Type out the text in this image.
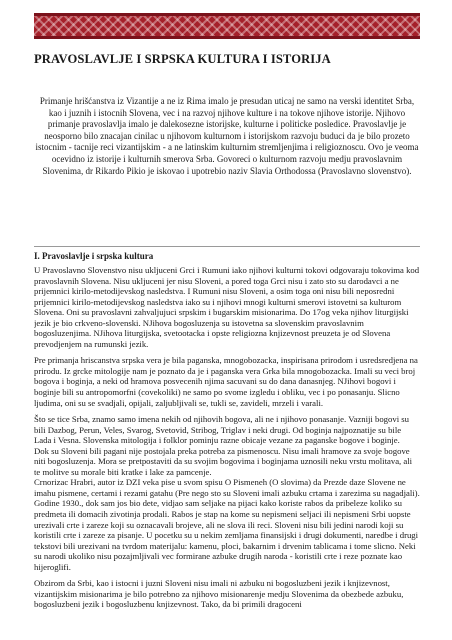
PRAVOSLAVLJE I SRPSKA KULTURA I ISTORIJA
Primanje hrišćanstva iz Vizantije a ne iz Rima imalo je presudan uticaj ne samo na verski identitet Srba, kao i juznih i istocnih Slovena, vec i na razvoj njihove kulture i na tokove njihove istorije. Njihovo primanje pravoslavlja imalo je dalekosezne istorijske, kulturne i politicke posledice. Pravoslavlje je neosporno bilo znacajan cinilac u njihovom kulturnom i istorijskom razvoju buduci da je bilo prozeto istocnim - tacnije reci vizantijskim - a ne latinskim kulturnim stremljenjima i religioznoscu. Ovo je veoma ocevidno iz istorije i kulturnih smerova Srba. Govoreci o kulturnom razvoju medju pravoslavnim Slovenima, dr Rikardo Pikio je iskovao i upotrebio naziv Slavia Orthodossa (Pravoslavno slovenstvo).
I. Pravoslavlje i srpska kultura

U Pravoslavno Slovenstvo nisu ukljuceni Grci i Rumuni iako njihovi kulturni tokovi odgovaraju tokovima kod pravoslavnih Slovena. Nisu ukljuceni jer nisu Sloveni, a pored toga Grci nisu i zato sto su darodavci a ne prijemnici kirilo-metodijevskog nasledstva. I Rumuni nisu Sloveni, a osim toga oni nisu bili neposredni prijemnici kirilo-metodijevskog nasledstva iako su i njihovi mnogi kulturni smerovi istovetni sa kulturom Slovena. Oni su pravoslavni zahvaljujuci srpskim i bugarskim misionarima. Do 17og veka njihov liturgijski jezik je bio crkveno-slovenski. NJihova bogosluzenja su istovetna sa slovenskim pravoslavnim bogosluzenjima. NJihova liturgijska, svetootacka i opste religiozna knjizevnost preuzeta je od Slovena prevodjenjem na rumunski jezik.

Pre primanja hriscanstva srpska vera je bila paganska, mnogobozacka, inspirisana prirodom i usredsredjena na prirodu. Iz grcke mitologije nam je poznato da je i paganska vera Grka bila mnogobozacka. Imali su veci broj bogova i boginja, a neki od hramova posvecenih njima sacuvani su do dana danasnjeg. NJihovi bogovi i boginje bili su antropomorfni (covekoliki) ne samo po svome izgledu i obliku, vec i po ponasanju. Slicno ljudima, oni su se svadjali, opijali, zaljubljivali se, tukli se, zavideli, mrzeli i varali.

Što se tice Srba, znamo samo imena nekih od njihovih bogova, ali ne i njihovo ponasanje. Vazniji bogovi su bili Dazbog, Perun, Veles, Svarog, Svetovid, Stribog, Triglav i neki drugi. Od boginja najpoznatije su bile Lada i Vesna. Slovenska mitologija i folklor pominju razne obicaje vezane za paganske bogove i boginje.

Dok su Sloveni bili pagani nije postojala preka potreba za pismenoscu. Nisu imali hramove za svoje bogove niti bogosluzenja. Mora se pretpostaviti da su svojim bogovima i boginjama uznosili neku vrstu molitava, ali te molitve su morale biti kratke i lake za pamcenje.

Crnorizac Hrabri, autor iz DZI veka pise u svom spisu O Pismeneh (O slovima) da Prezde daze Slovene ne imahu pismene, certami i rezami gatahu (Pre nego sto su Sloveni imali azbuku crtama i zarezima su nagadjali).

Godine 1930., dok sam jos bio dete, vidjao sam seljake na pijaci kako koriste rabos da pribeleze koliko su predmeta ili domacih zivotinja prodali. Rabos je stap na kome su nepismeni seljaci ili nepismeni Srbi uopste urezivali crte i zareze koji su oznacavali brojeve, ali ne slova ili reci. Sloveni nisu bili jedini narodi koji su koristili crte i zareze za pisanje. U pocetku su u nekim zemljama finansijski i drugi dokumenti, naredbe i drugi tekstovi bili urezivani na tvrdom materijalu: kamenu, ploci, bakarnim i drvenim tablicama i tome slicno. Neki su narodi ukoliko nisu pozajmljivali vec formirane azbuke drugih naroda - koristili crte i reze poznate kao hijeroglifi.

Obzirom da Srbi, kao i istocni i juzni Sloveni nisu imali ni azbuku ni bogosluzbeni jezik i knjizevnost, vizantijskim misionarima je bilo potrebno za njihovo misionarenje medju Slovenima da obezbede azbuku, bogosluzbeni jezik i bogosluzbenu knjizevnost. Tako, da bi primili dragoceni
